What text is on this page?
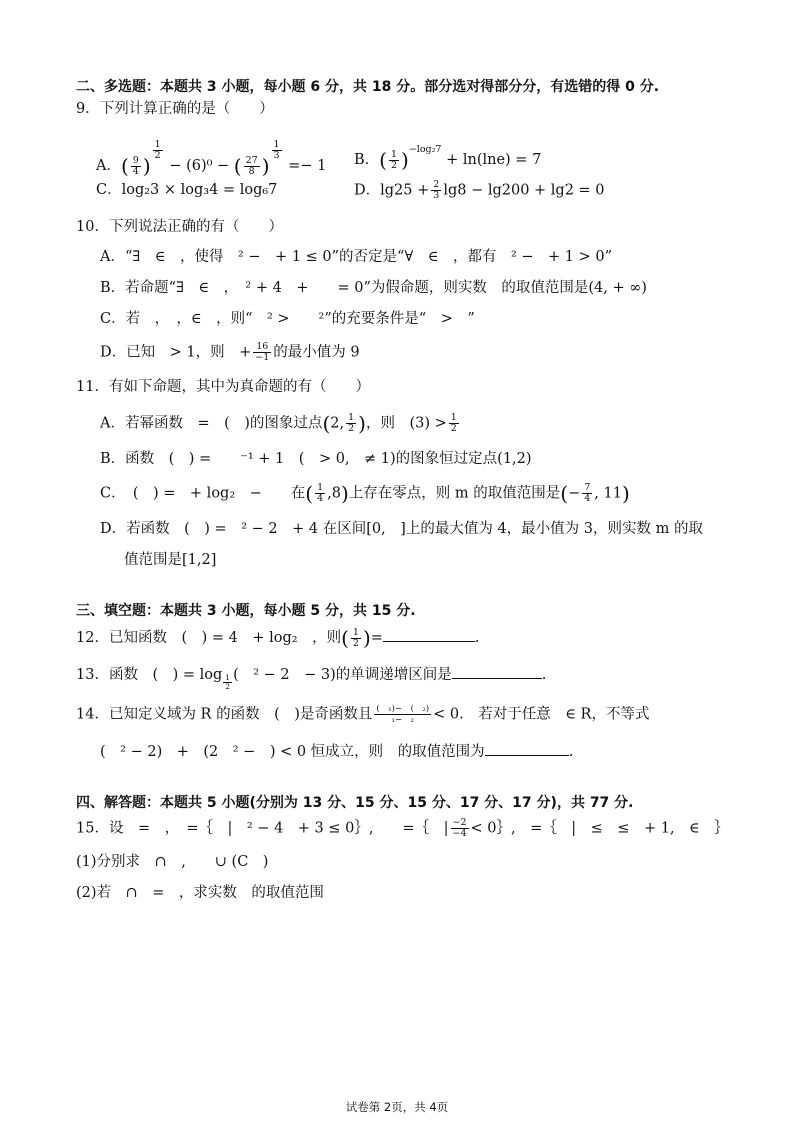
二、多选题：本题共 3 小题，每小题 6 分，共 18 分。部分选对得部分分，有选错的得 0 分.
9．下列计算正确的是（　　）
A．( $\frac{9}{4}$ )
$^{\frac{1}{2}}$
− (6)⁰ − ( $\frac{27}{8}$ )
$^{\frac{1}{3}}$
=− 1 B．( $\frac{1}{2} )^{-log_27} + \ln(\ln e) = 7$
C．log₂3 × log₃4 = log₆7	D．$\lg 25 + \frac{2}{3} \lg 8 - \lg 200 + \lg 2 = 0$
10．下列说法正确的有（　　）
A．“∃　∈　，使得　² −　+ 1 ≤ 0”的否定是“∀　∈　，都有　² −　+ 1 > 0”
B．若命题“∃　∈　，　² + 4　+　　= 0”为假命题，则实数　的取值范围是(4, + ∞)
C．若　，　，∈　，则“　² >　　²”的充要条件是“　>　”
D．已知　> 1，则　+ $\frac{16}{-1}$ 的最小值为 9
11．有如下命题，其中为真命题的有（　　）
A．若幂函数　=　(　)的图象过点(2, $\frac{1}{2}$ )，则　$(3) > \frac{1}{2}$
B．函数　(　) =　　⁻¹ + 1　(　> 0,　≠ 1)的图象恒过定点(1,2)
C．　(　) =　+ log₂　−　　在( $\frac{1}{4} ,8$)上存在零点，则 m 的取值范围是(− $\frac{7}{4}$ , 11)
D．若函数　(　) =　² − 2　+ 4 在区间[0,　]上的最大值为 4，最小值为 3，则实数 m 的取
值范围是[1,2]
三、填空题：本题共 3 小题，每小题 5 分，共 15 分.
12．已知函数　(　) = 4　+ log₂　，则( $\frac{1}{2}$ )=	.
13．函数　(　) = $\log \frac{1}{2}$ (　² − 2　− 3)的单调递增区间是	.
14．已知定义域为 R 的函数　(　)是奇函数且 $\frac{\text{(　₁)−　(　₂)}}{\text{₁−　₂}} < 0$.　若对于任意　∈ R，不等式
(　² − 2)　+　(2　² −　) < 0 恒成立，则　的取值范围为	.
四、解答题：本题共 5 小题(分别为 13 分、15 分、15 分、17 分、17 分)，共 77 分.
15．设　=　，　=｛　|　² − 4　+ 3 ≤ 0｝,　　=｛　| $\frac{-2}{-4}$ < 0｝,　=｛　|　≤　≤　+ 1,　∈　｝
(1)分别求　∩　,　　∪ (C　)
(2)若　∩　=　，求实数　的取值范围
试卷第 2页，共 4页
